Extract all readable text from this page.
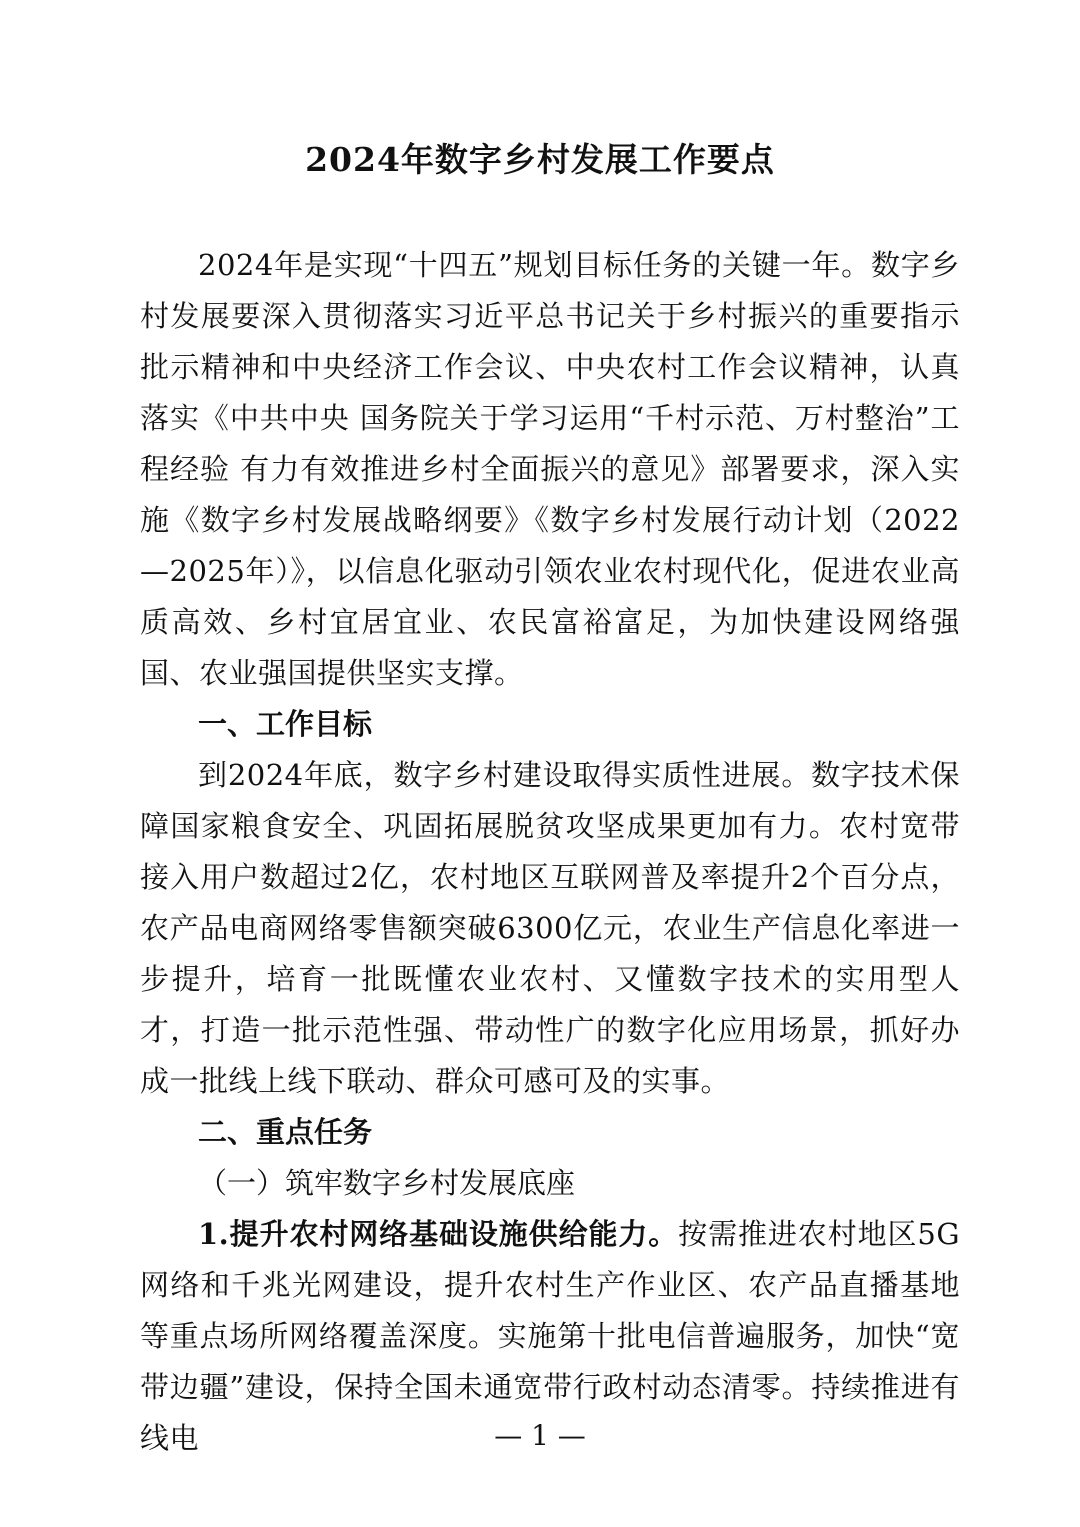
2024年数字乡村发展工作要点

2024年是实现“十四五”规划目标任务的关键一年。数字乡村发展要深入贯彻落实习近平总书记关于乡村振兴的重要指示批示精神和中央经济工作会议、中央农村工作会议精神，认真落实《中共中央 国务院关于学习运用“千村示范、万村整治”工程经验 有力有效推进乡村全面振兴的意见》部署要求，深入实施《数字乡村发展战略纲要》《数字乡村发展行动计划（2022—2025年）》，以信息化驱动引领农业农村现代化，促进农业高质高效、乡村宜居宜业、农民富裕富足，为加快建设网络强国、农业强国提供坚实支撑。

一、工作目标

到2024年底，数字乡村建设取得实质性进展。数字技术保障国家粮食安全、巩固拓展脱贫攻坚成果更加有力。农村宽带接入用户数超过2亿，农村地区互联网普及率提升2个百分点，农产品电商网络零售额突破6300亿元，农业生产信息化率进一步提升，培育一批既懂农业农村、又懂数字技术的实用型人才，打造一批示范性强、带动性广的数字化应用场景，抓好办成一批线上线下联动、群众可感可及的实事。

二、重点任务
（一）筑牢数字乡村发展底座

1.提升农村网络基础设施供给能力。按需推进农村地区5G网络和千兆光网建设，提升农村生产作业区、农产品直播基地等重点场所网络覆盖深度。实施第十批电信普遍服务，加快“宽带边疆”建设，保持全国未通宽带行政村动态清零。持续推进有线电	— 1 —
